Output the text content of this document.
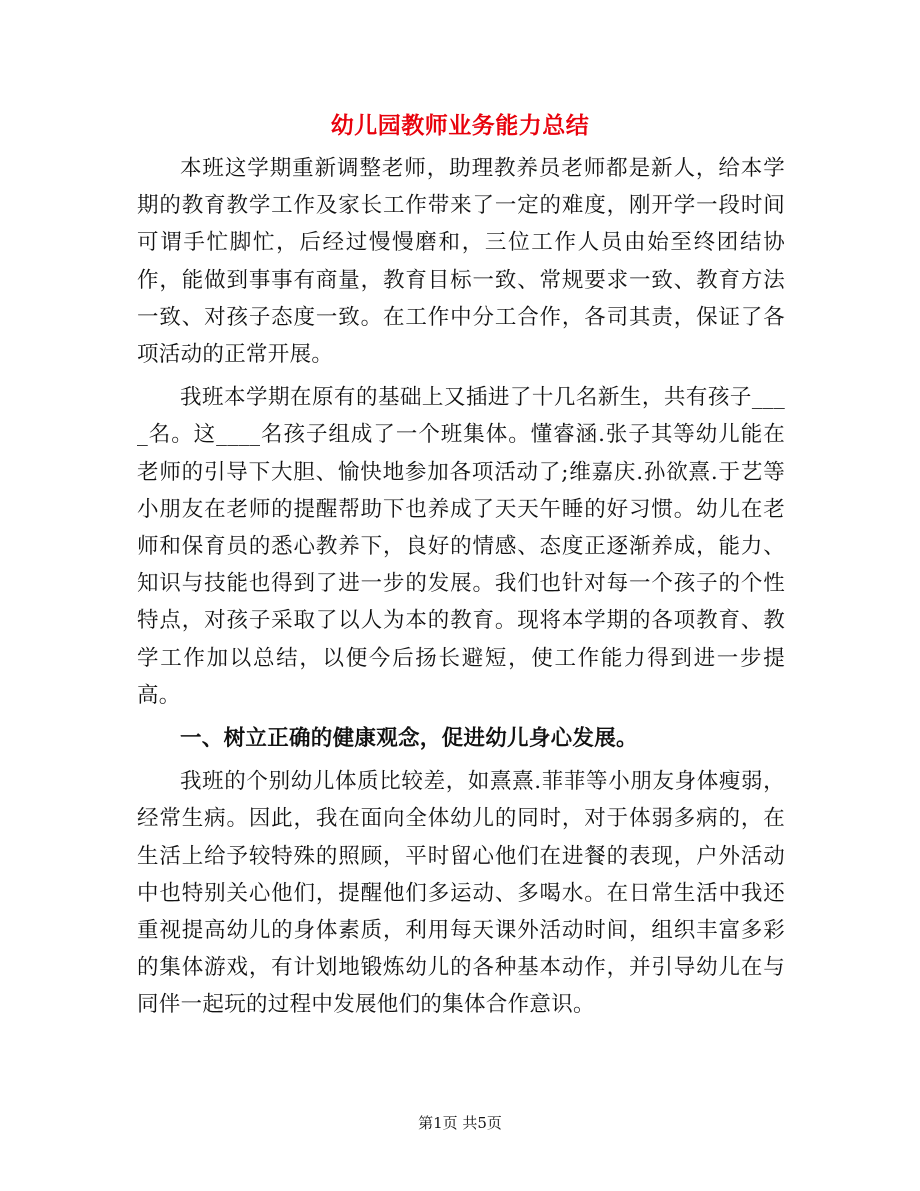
幼儿园教师业务能力总结

本班这学期重新调整老师，助理教养员老师都是新人，给本学期的教育教学工作及家长工作带来了一定的难度，刚开学一段时间可谓手忙脚忙，后经过慢慢磨和，三位工作人员由始至终团结协作，能做到事事有商量，教育目标一致、常规要求一致、教育方法一致、对孩子态度一致。在工作中分工合作，各司其责，保证了各项活动的正常开展。

我班本学期在原有的基础上又插进了十几名新生，共有孩子____名。这____名孩子组成了一个班集体。懂睿涵.张子其等幼儿能在老师的引导下大胆、愉快地参加各项活动了;维嘉庆.孙欲熹.于艺等小朋友在老师的提醒帮助下也养成了天天午睡的好习惯。幼儿在老师和保育员的悉心教养下，良好的情感、态度正逐渐养成，能力、知识与技能也得到了进一步的发展。我们也针对每一个孩子的个性特点，对孩子采取了以人为本的教育。现将本学期的各项教育、教学工作加以总结，以便今后扬长避短，使工作能力得到进一步提高。

一、树立正确的健康观念，促进幼儿身心发展。

我班的个别幼儿体质比较差，如熹熹.菲菲等小朋友身体瘦弱，经常生病。因此，我在面向全体幼儿的同时，对于体弱多病的，在生活上给予较特殊的照顾，平时留心他们在进餐的表现，户外活动中也特别关心他们，提醒他们多运动、多喝水。在日常生活中我还重视提高幼儿的身体素质，利用每天课外活动时间，组织丰富多彩的集体游戏，有计划地锻炼幼儿的各种基本动作，并引导幼儿在与同伴一起玩的过程中发展他们的集体合作意识。

第1页 共5页
